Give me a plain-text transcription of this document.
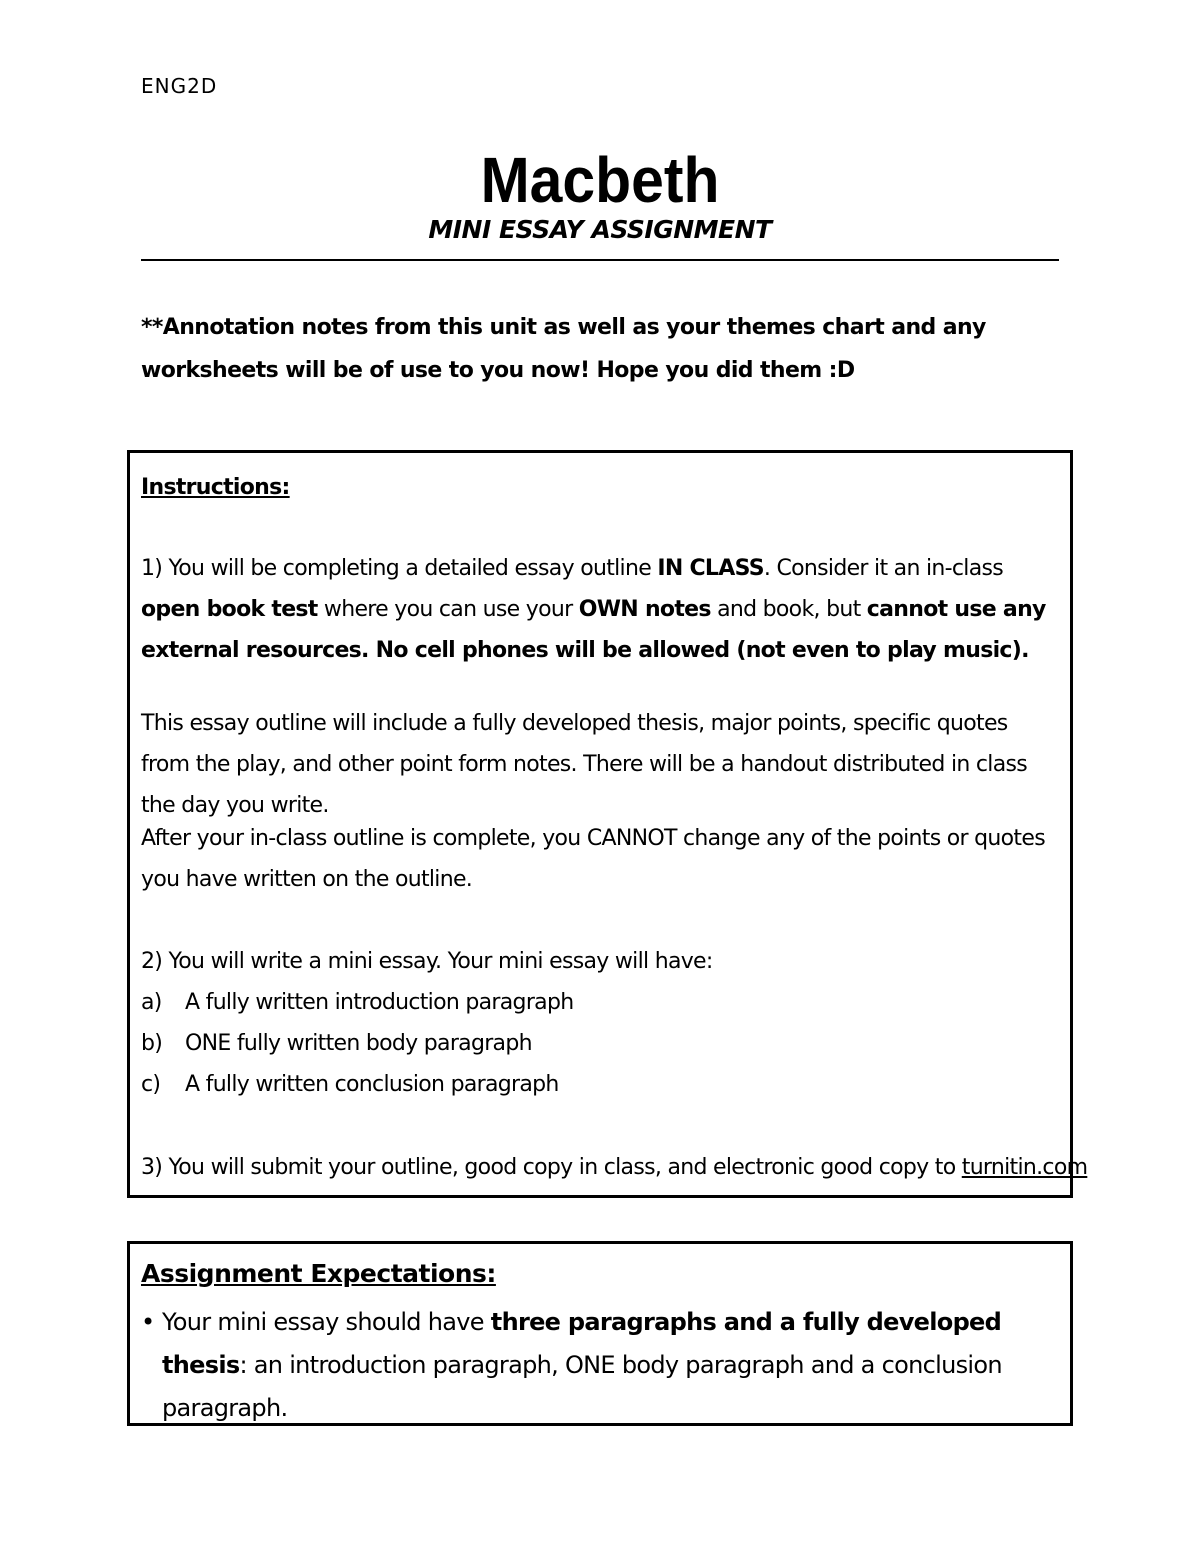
ENG2D
Macbeth
MINI ESSAY ASSIGNMENT
**Annotation notes from this unit as well as your themes chart and any worksheets will be of use to you now! Hope you did them :D
Instructions:
1) You will be completing a detailed essay outline IN CLASS. Consider it an in-class open book test where you can use your OWN notes and book, but cannot use any external resources. No cell phones will be allowed (not even to play music).
This essay outline will include a fully developed thesis, major points, specific quotes from the play, and other point form notes. There will be a handout distributed in class the day you write.
After your in-class outline is complete, you CANNOT change any of the points or quotes you have written on the outline.
2) You will write a mini essay. Your mini essay will have:
a) A fully written introduction paragraph
b) ONE fully written body paragraph
c) A fully written conclusion paragraph
3) You will submit your outline, good copy in class, and electronic good copy to turnitin.com
Assignment Expectations:
• Your mini essay should have three paragraphs and a fully developed thesis: an introduction paragraph, ONE body paragraph and a conclusion paragraph.
